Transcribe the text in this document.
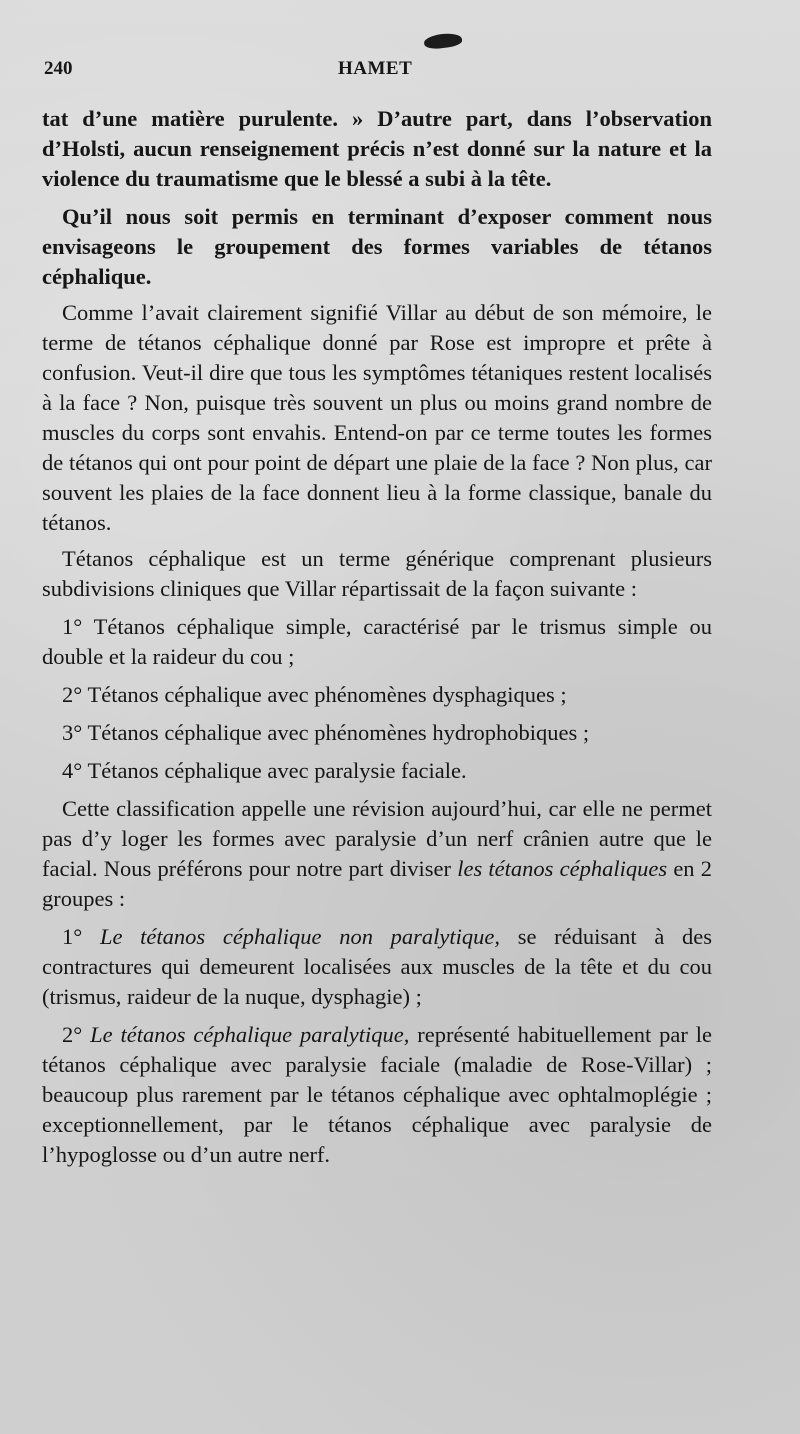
240	HAMET

tat d’une matière purulente. » D’autre part, dans l’observation d’Holsti, aucun renseignement précis n’est donné sur la nature et la violence du traumatisme que le blessé a subi à la tête.

Qu’il nous soit permis en terminant d’exposer comment nous envisageons le groupement des formes variables de tétanos céphalique.

Comme l’avait clairement signifié Villar au début de son mémoire, le terme de tétanos céphalique donné par Rose est impropre et prête à confusion. Veut-il dire que tous les symptômes tétaniques restent localisés à la face ? Non, puisque très souvent un plus ou moins grand nombre de muscles du corps sont envahis. Entend-on par ce terme toutes les formes de tétanos qui ont pour point de départ une plaie de la face ? Non plus, car souvent les plaies de la face donnent lieu à la forme classique, banale du tétanos.

Tétanos céphalique est un terme générique comprenant plusieurs subdivisions cliniques que Villar répartissait de la façon suivante :

1° Tétanos céphalique simple, caractérisé par le trismus simple ou double et la raideur du cou ;

2° Tétanos céphalique avec phénomènes dysphagiques ;

3° Tétanos céphalique avec phénomènes hydrophobiques ;

4° Tétanos céphalique avec paralysie faciale.

Cette classification appelle une révision aujourd’hui, car elle ne permet pas d’y loger les formes avec paralysie d’un nerf crânien autre que le facial. Nous préférons pour notre part diviser les tétanos céphaliques en 2 groupes :

1° Le tétanos céphalique non paralytique, se réduisant à des contractures qui demeurent localisées aux muscles de la tête et du cou (trismus, raideur de la nuque, dysphagie) ;

2° Le tétanos céphalique paralytique, représenté habituellement par le tétanos céphalique avec paralysie faciale (maladie de Rose-Villar) ; beaucoup plus rarement par le tétanos céphalique avec ophtalmoplégie ; exceptionnellement, par le tétanos céphalique avec paralysie de l’hypoglosse ou d’un autre nerf.
